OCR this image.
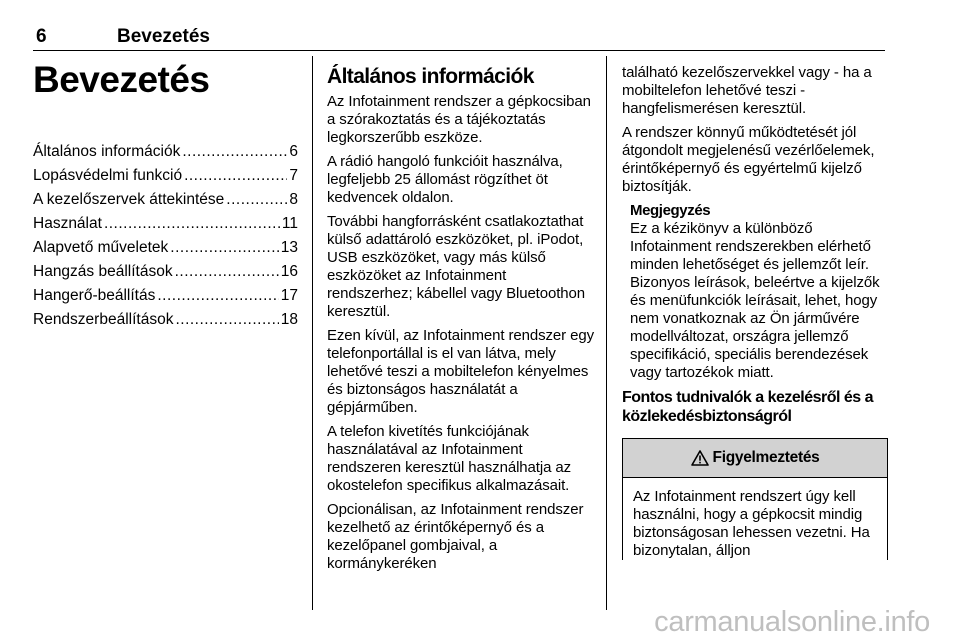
6	Bevezetés
Bevezetés
Általános információk .....	6
Lopásvédelmi funkció .....	7
A kezelőszervek áttekintése .....	8
Használat .....	11
Alapvető műveletek .....	13
Hangzás beállítások .....	16
Hangerő-beállítás .....	17
Rendszerbeállítások .....	18
Általános információk

Az Infotainment rendszer a gépkocsiban a szórakoztatás és a tájékoztatás legkorszerűbb eszköze.

A rádió hangoló funkcióit használva, legfeljebb 25 állomást rögzíthet öt kedvencek oldalon.

További hangforrásként csatlakoztathat külső adattároló eszközöket, pl. iPodot, USB eszközöket, vagy más külső eszközöket az Infotainment rendszerhez; kábellel vagy Bluetoothon keresztül.

Ezen kívül, az Infotainment rendszer egy telefonportállal is el van látva, mely lehetővé teszi a mobiltelefon kényelmes és biztonságos használatát a gépjárműben.

A telefon kivetítés funkciójának használatával az Infotainment rendszeren keresztül használhatja az okostelefon specifikus alkalmazásait.

Opcionálisan, az Infotainment rendszer kezelhető az érintőképernyő és a kezelőpanel gombjaival, a kormánykeréken

található kezelőszervekkel vagy - ha a mobiltelefon lehetővé teszi - hangfelismerésen keresztül.

A rendszer könnyű működtetését jól átgondolt megjelenésű vezérlőelemek, érintőképernyő és egyértelmű kijelző biztosítják.

Megjegyzés

Ez a kézikönyv a különböző Infotainment rendszerekben elérhető minden lehetőséget és jellemzőt leír. Bizonyos leírások, beleértve a kijelzők és menüfunkciók leírásait, lehet, hogy nem vonatkoznak az Ön járművére modellváltozat, országra jellemző specifikáció, speciális berendezések vagy tartozékok miatt.

Fontos tudnivalók a kezelésről és a közlekedésbiztonságról
Figyelmeztetés

Az Infotainment rendszert úgy kell használni, hogy a gépkocsit mindig biztonságosan lehessen vezetni. Ha bizonytalan, álljon

carmanualsonline.info
